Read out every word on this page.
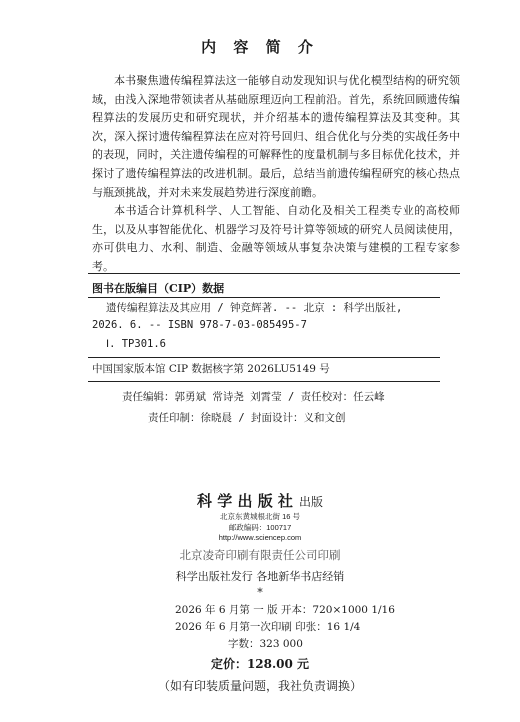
内 容 简 介

本书聚焦遗传编程算法这一能够自动发现知识与优化模型结构的研究领域，由浅入深地带领读者从基础原理迈向工程前沿。首先，系统回顾遗传编程算法的发展历史和研究现状，并介绍基本的遗传编程算法及其变种。其次，深入探讨遗传编程算法在应对符号回归、组合优化与分类的实战任务中的表现，同时，关注遗传编程的可解释性的度量机制与多目标优化技术，并探讨了遗传编程算法的改进机制。最后，总结当前遗传编程研究的核心热点与瓶颈挑战，并对未来发展趋势进行深度前瞻。

本书适合计算机科学、人工智能、自动化及相关工程类专业的高校师生，以及从事智能优化、机器学习及符号计算等领域的研究人员阅读使用，亦可供电力、水利、制造、金融等领域从事复杂决策与建模的工程专家参考。

图书在版编目（CIP）数据
遗传编程算法及其应用 / 钟竞辉著. -- 北京 : 科学出版社,
2026. 6. -- ISBN 978-7-03-085495-7
Ⅰ. TP301.6
中国国家版本馆 CIP 数据核字第 2026LU5149 号
责任编辑：郭勇斌 常诗尧 刘霄莹 / 责任校对：任云峰
责任印制：徐晓晨 / 封面设计：义和文创
科 学 出 版 社 出版
北京东黄城根北街 16 号
邮政编码：100717
http://www.sciencep.com
北京凌奇印刷有限责任公司印刷
科学出版社发行 各地新华书店经销
*
2026 年 6 月第 一 版 开本：720×1000 1/16
2026 年 6 月第一次印刷 印张：16 1/4
字数：323 000
定价：128.00 元
（如有印装质量问题，我社负责调换）
